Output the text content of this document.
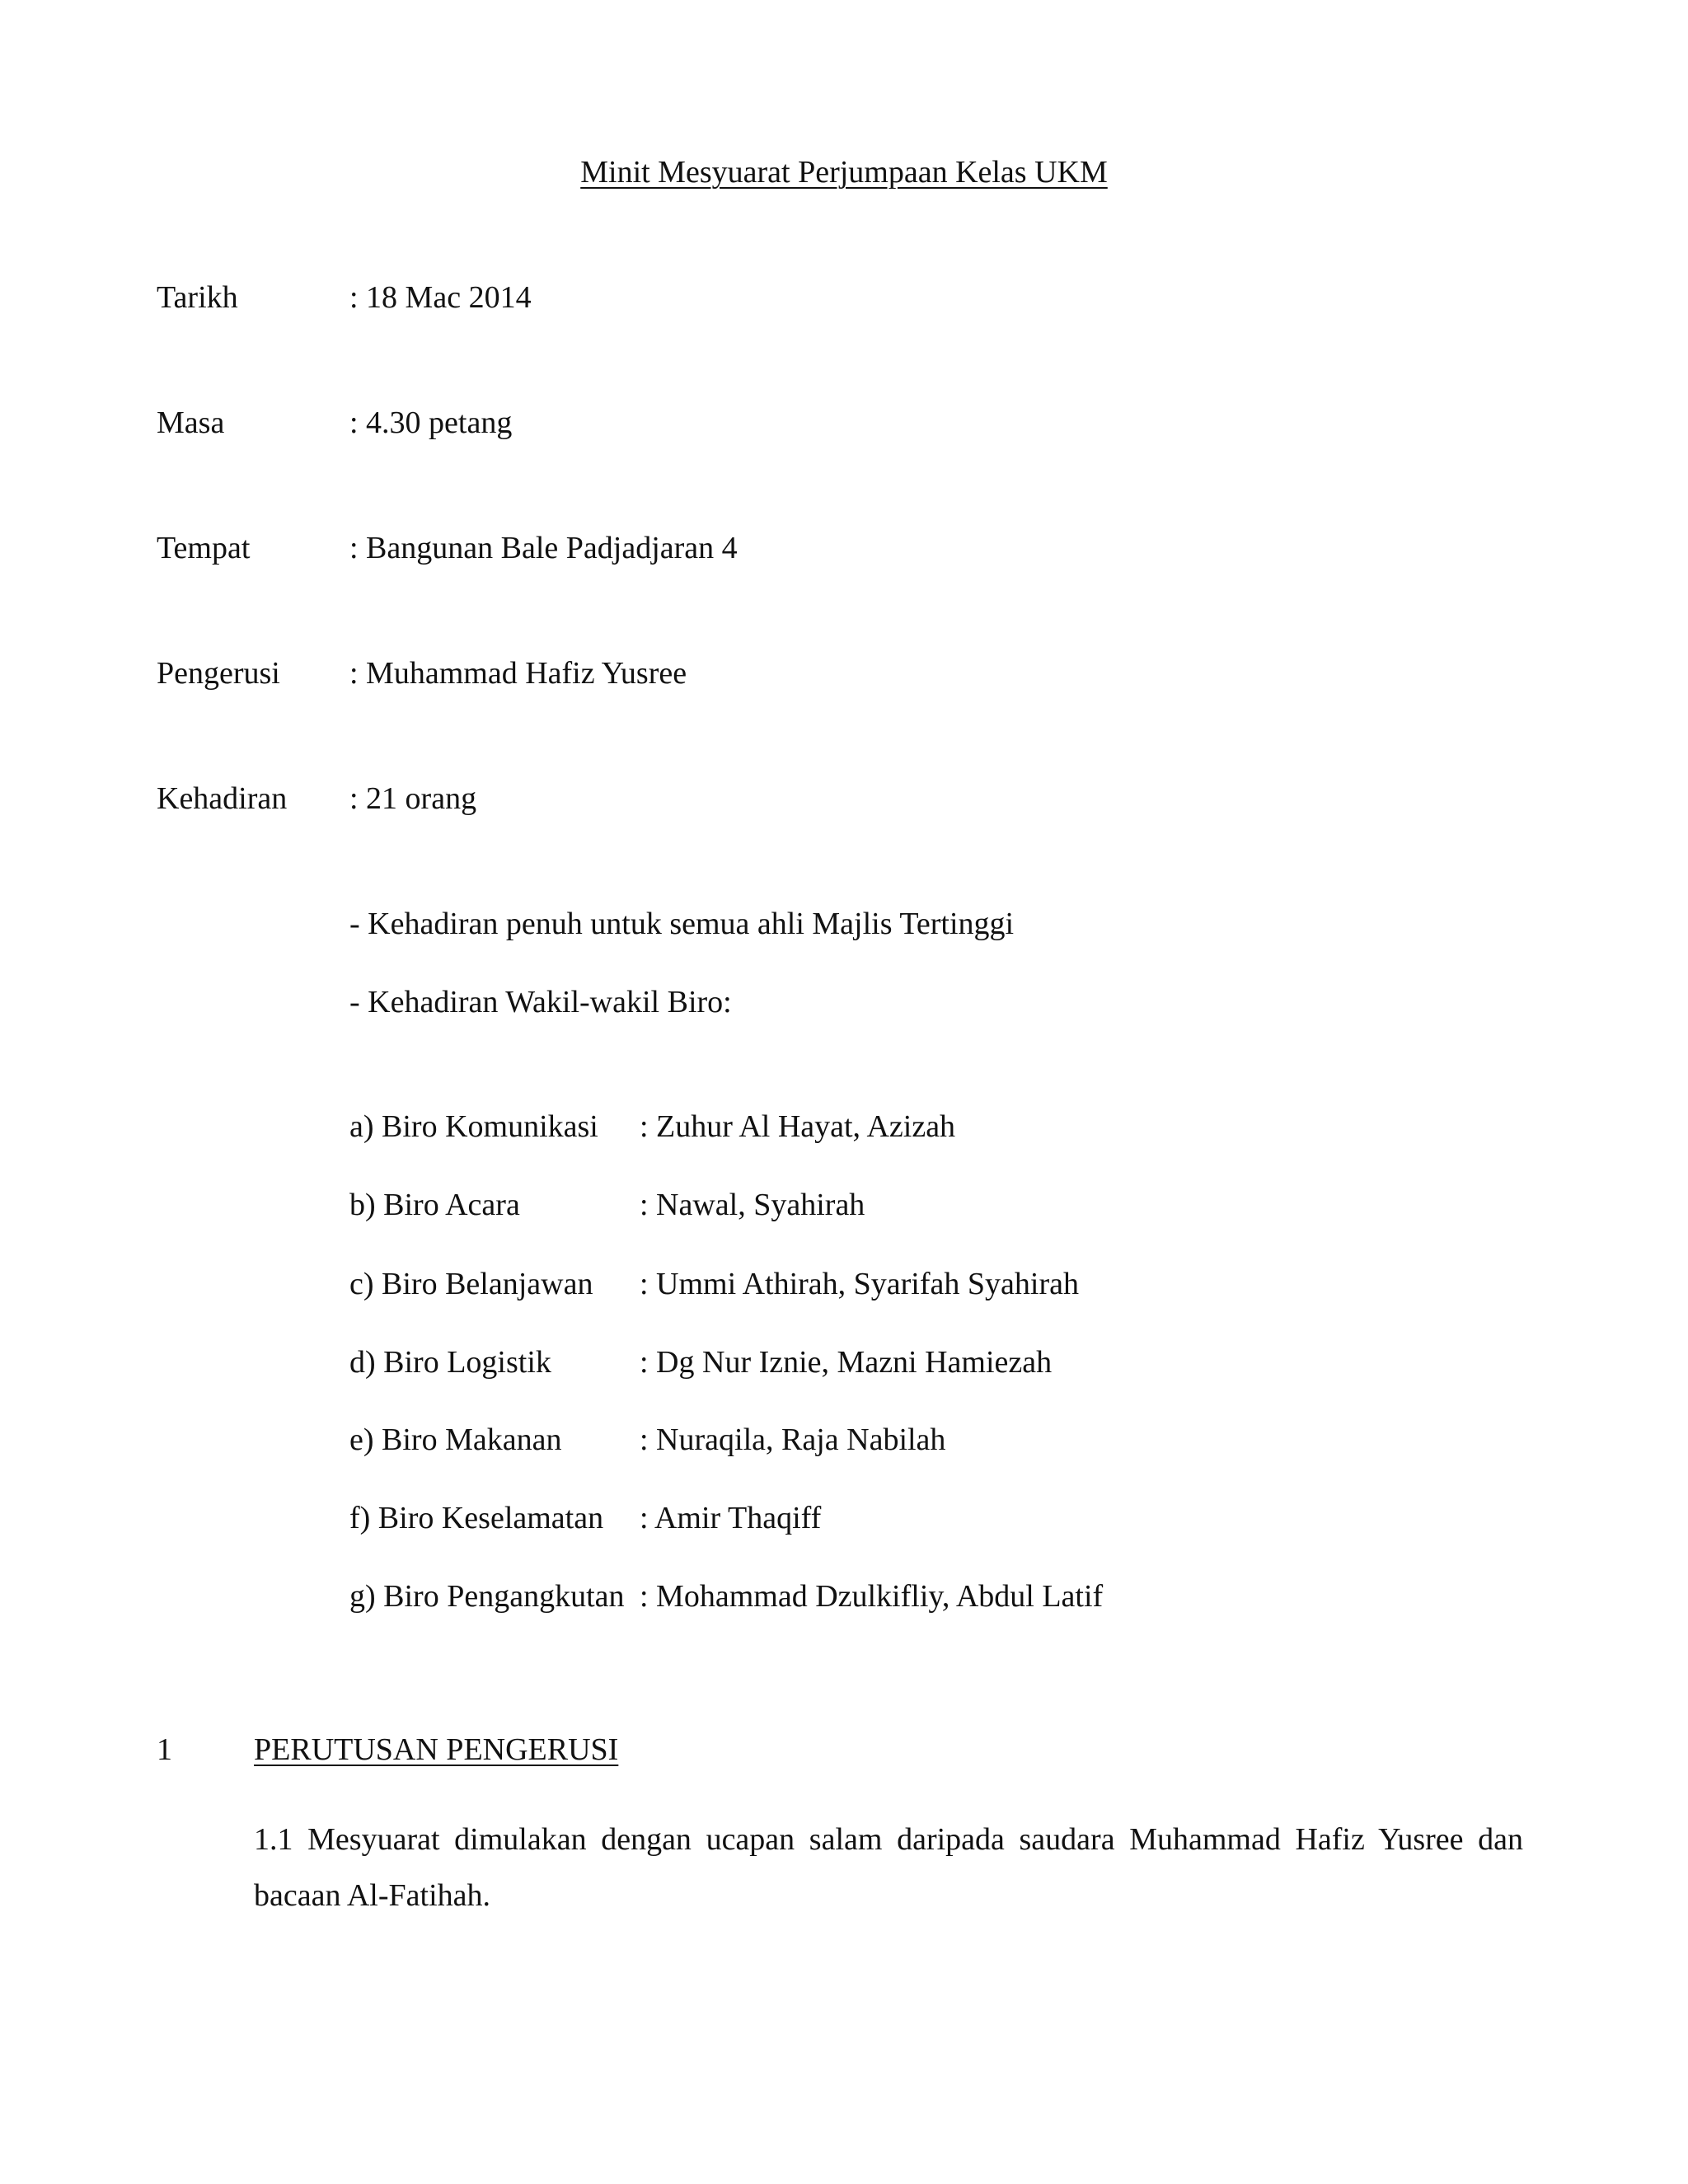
Minit Mesyuarat Perjumpaan Kelas UKM
Tarikh	: 18 Mac 2014
Masa	: 4.30 petang
Tempat	: Bangunan Bale Padjadjaran 4
Pengerusi : Muhammad Hafiz Yusree
Kehadiran : 21 orang
- Kehadiran penuh untuk semua ahli Majlis Tertinggi
- Kehadiran Wakil-wakil Biro:
a) Biro Komunikasi : Zuhur Al Hayat, Azizah
b) Biro Acara	: Nawal, Syahirah
c) Biro Belanjawan : Ummi Athirah, Syarifah Syahirah
d) Biro Logistik	: Dg Nur Iznie, Mazni Hamiezah
e) Biro Makanan : Nuraqila, Raja Nabilah
f) Biro Keselamatan : Amir Thaqiff
g) Biro Pengangkutan : Mohammad Dzulkifliy, Abdul Latif
1	PERUTUSAN PENGERUSI
1.1 Mesyuarat dimulakan dengan ucapan salam daripada saudara Muhammad Hafiz Yusree dan bacaan Al-Fatihah.
